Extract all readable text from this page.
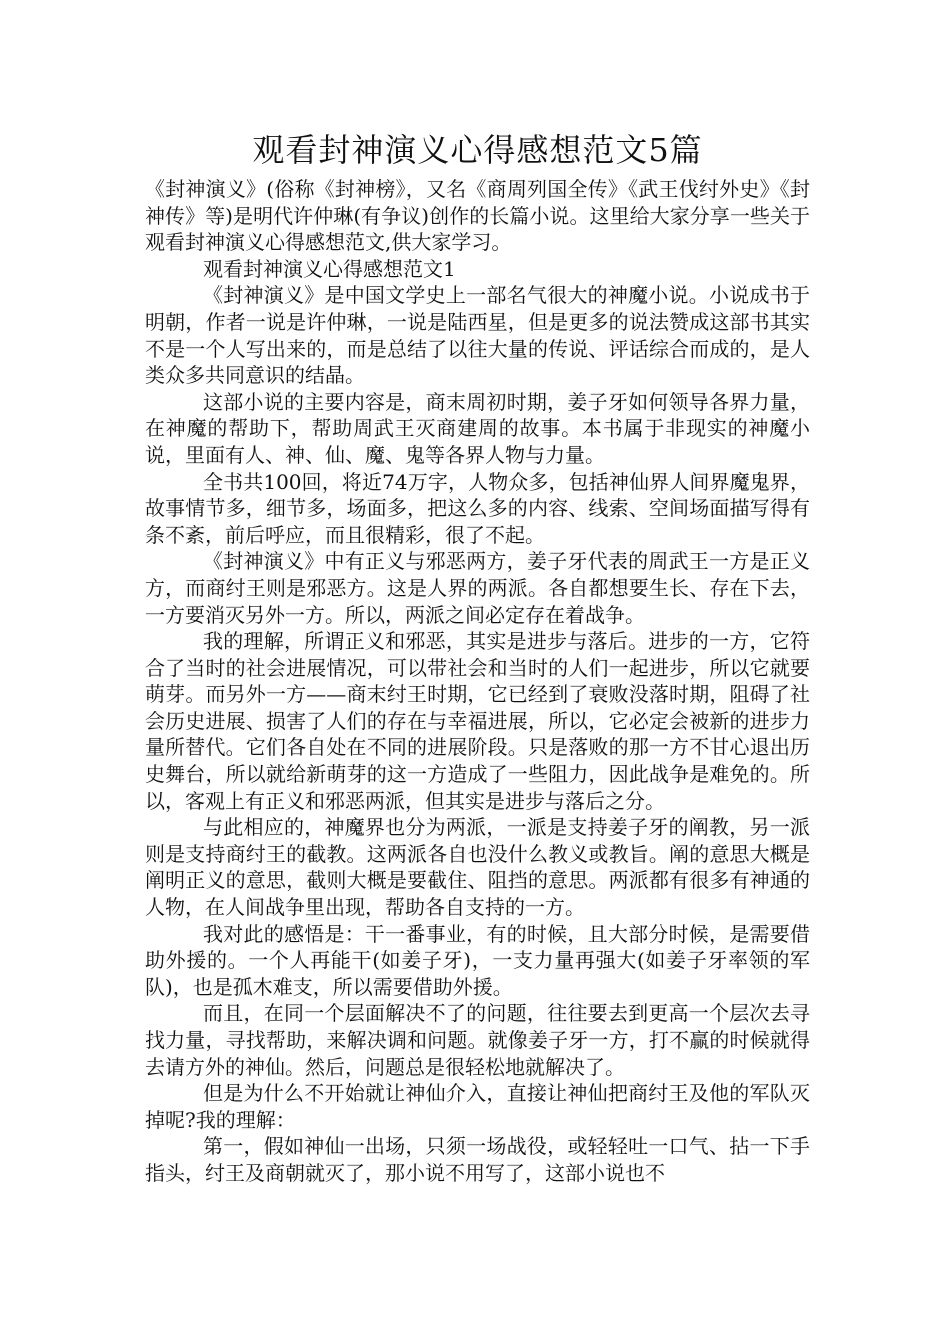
观看封神演义心得感想范文5篇

《封神演义》(俗称《封神榜》，又名《商周列国全传》《武王伐纣外史》《封神传》等)是明代许仲琳(有争议)创作的长篇小说。这里给大家分享一些关于观看封神演义心得感想范文,供大家学习。

观看封神演义心得感想范文1

《封神演义》是中国文学史上一部名气很大的神魔小说。小说成书于明朝，作者一说是许仲琳，一说是陆西星，但是更多的说法赞成这部书其实不是一个人写出来的，而是总结了以往大量的传说、评话综合而成的，是人类众多共同意识的结晶。

这部小说的主要内容是，商末周初时期，姜子牙如何领导各界力量，在神魔的帮助下，帮助周武王灭商建周的故事。本书属于非现实的神魔小说，里面有人、神、仙、魔、鬼等各界人物与力量。

全书共100回，将近74万字，人物众多，包括神仙界人间界魔鬼界，故事情节多，细节多，场面多，把这么多的内容、线索、空间场面描写得有条不紊，前后呼应，而且很精彩，很了不起。

《封神演义》中有正义与邪恶两方，姜子牙代表的周武王一方是正义方，而商纣王则是邪恶方。这是人界的两派。各自都想要生长、存在下去，一方要消灭另外一方。所以，两派之间必定存在着战争。

我的理解，所谓正义和邪恶，其实是进步与落后。进步的一方，它符合了当时的社会进展情况，可以带社会和当时的人们一起进步，所以它就要萌芽。而另外一方——商末纣王时期，它已经到了衰败没落时期，阻碍了社会历史进展、损害了人们的存在与幸福进展，所以，它必定会被新的进步力量所替代。它们各自处在不同的进展阶段。只是落败的那一方不甘心退出历史舞台，所以就给新萌芽的这一方造成了一些阻力，因此战争是难免的。所以，客观上有正义和邪恶两派，但其实是进步与落后之分。

与此相应的，神魔界也分为两派，一派是支持姜子牙的阐教，另一派则是支持商纣王的截教。这两派各自也没什么教义或教旨。阐的意思大概是阐明正义的意思，截则大概是要截住、阻挡的意思。两派都有很多有神通的人物，在人间战争里出现，帮助各自支持的一方。

我对此的感悟是：干一番事业，有的时候，且大部分时候，是需要借助外援的。一个人再能干(如姜子牙)，一支力量再强大(如姜子牙率领的军队)，也是孤木难支，所以需要借助外援。

而且，在同一个层面解决不了的问题，往往要去到更高一个层次去寻找力量，寻找帮助，来解决调和问题。就像姜子牙一方，打不赢的时候就得去请方外的神仙。然后，问题总是很轻松地就解决了。

但是为什么不开始就让神仙介入，直接让神仙把商纣王及他的军队灭掉呢?我的理解：

第一，假如神仙一出场，只须一场战役，或轻轻吐一口气、拈一下手指头，纣王及商朝就灭了，那小说不用写了，这部小说也不
